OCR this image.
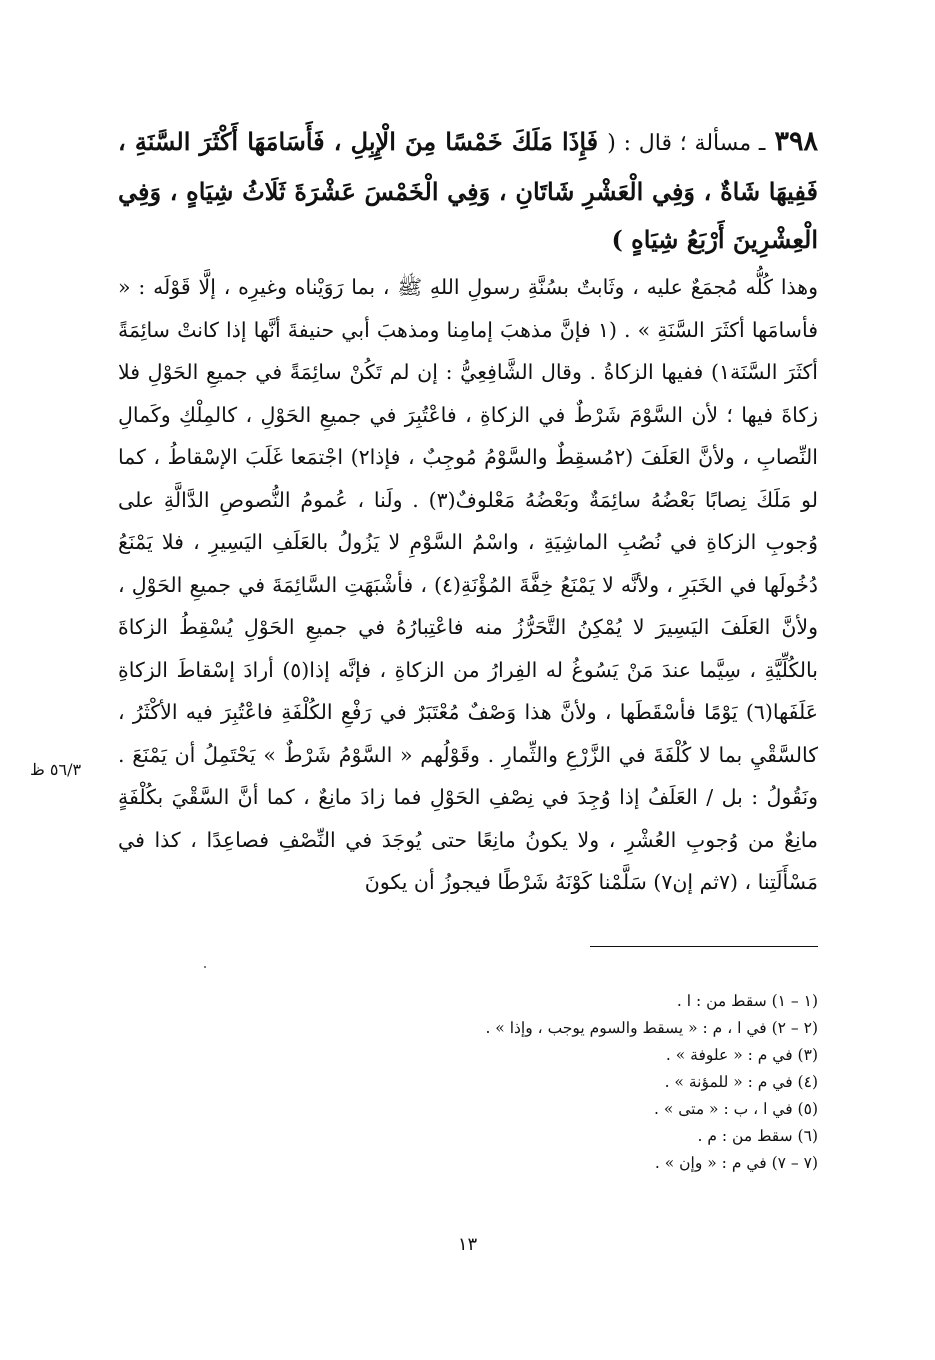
٣٩٨ ـ مسألة ؛ قال : ( فَإِذَا مَلَكَ خَمْسًا مِنَ الْإِبِلِ ، فَأَسَامَهَا أَكْثَرَ السَّنَةِ ، فَفِيهَا شَاةٌ ، وَفِي الْعَشْرِ شَاتَانِ ، وَفِي الْخَمْسَ عَشْرَةَ ثَلَاثُ شِيَاهٍ ، وَفِي الْعِشْرِينَ أَرْبَعُ شِيَاهٍ )

وهذا كُلُّه مُجمَعٌ عليه ، وثَابتٌ بسُنَّةِ رسولِ اللهِ ﷺ ، بما رَوَيْناه وغيرِه ، إلَّا قَوْلَه : « فأسامَها أكثَرَ السَّنَةِ » . (١ فإنَّ مذهبَ إمامِنا ومذهبَ أبي حنيفةَ أنَّها إذا كانتْ سائِمَةً أكثَرَ السَّنَة١) ففيها الزكاةُ . وقال الشَّافِعِيُّ : إن لم تَكُنْ سائِمَةً في جميعِ الحَوْلِ فلا زكاةَ فيها ؛ لأن السَّوْمَ شَرْطٌ في الزكاةِ ، فاعْتُبِرَ في جميعِ الحَوْلِ ، كالمِلْكِ وكَمالِ النِّصابِ ، ولأنَّ العَلَفَ (٢مُسقِطٌ والسَّوْمُ مُوجِبٌ ، فإذا٢) اجْتمَعا غَلَبَ الإسْقاطُ ، كما لو مَلَكَ نِصابًا بَعْضُهُ سائِمَةٌ وبَعْضُهُ مَعْلوفٌ(٣) . ولَنا ، عُمومُ النُّصوصِ الدَّالَّةِ على وُجوبِ الزكاةِ في نُصُبِ الماشِيَةِ ، واسْمُ السَّوْمِ لا يَزُولُ بالعَلَفِ اليَسِيرِ ، فلا يَمْنَعُ دُخُولَها في الخَبَرِ ، ولأنَّه لا يَمْنَعُ خِفَّةَ المُؤْنَةِ(٤) ، فأشْبَهَتِ السَّائِمَةَ في جميعِ الحَوْلِ ، ولأنَّ العَلَفَ اليَسِيرَ لا يُمْكِنُ التَّحَرُّزُ منه فاعْتِبارُهُ في جميعِ الحَوْلِ يُسْقِطُ الزكاةَ بالكُلِّيَّةِ ، سِيَّما عندَ مَنْ يَسُوغُ له الفِرارُ من الزكاةِ ، فإنَّه إذا(٥) أرادَ إسْقاطَ الزكاةِ عَلَفَها(٦) يَوْمًا فأسْقَطَها ، ولأنَّ هذا وَصْفٌ مُعْتَبَرٌ في رَفْعِ الكُلْفَةِ فاعْتُبِرَ فيه الأكْثَرُ ، كالسَّقْيِ بما لا كُلْفَةَ في الزَّرْعِ والثِّمارِ . وقَوْلُهم « السَّوْمُ شَرْطٌ » يَحْتَمِلُ أن يَمْنَعَ . ونَقُولُ : بل / العَلَفُ إذا وُجِدَ في نِصْفِ الحَوْلِ فما زادَ مانِعٌ ، كما أنَّ السَّقْيَ بكُلْفَةٍ مانِعٌ من وُجوبِ العُشْرِ ، ولا يكونُ مانِعًا حتى يُوجَدَ في النِّصْفِ فصاعِدًا ، كذا في مَسْأَلَتِنا ، (٧ثم إن٧) سَلَّمْنا كَوْنَهُ شَرْطًا فيجوزُ أن يكونَ

٥٦/٣ ظ
(١ – ١) سقط من : ا .
(٢ – ٢) في ا ، م : « يسقط والسوم يوجب ، وإذا » .
(٣) في م : « علوفة » .
(٤) في م : « للمؤنة » .
(٥) في ا ، ب : « متى » .
(٦) سقط من : م .
(٧ – ٧) في م : « وإن » .
١٣
